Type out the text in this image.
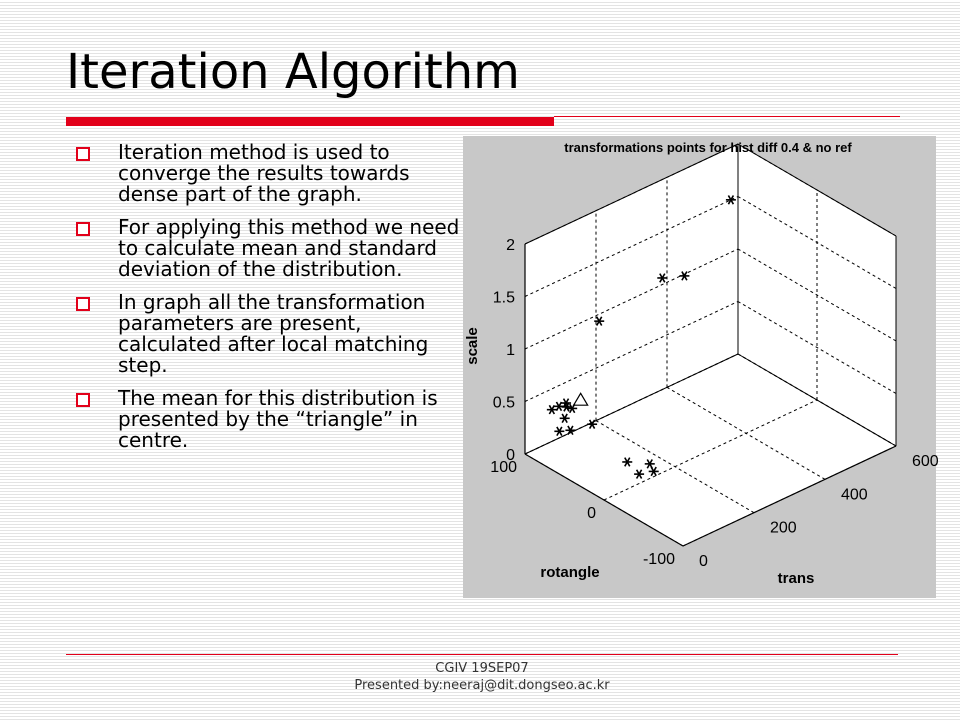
Iteration Algorithm
Iteration method is used to converge the results towards dense part of the graph.
For applying this method we need to calculate mean and standard deviation of the distribution.
In graph all the transformation parameters are present, calculated after local matching step.
The mean for this distribution is presented by the “triangle” in centre.
0
200
400
600
-100
0
100
0
0.5
1
1.5
2
transformations points for hist diff 0.4 & no ref
trans
rotangle
scale
CGIV 19SEP07
Presented by:neeraj@dit.dongseo.ac.kr
